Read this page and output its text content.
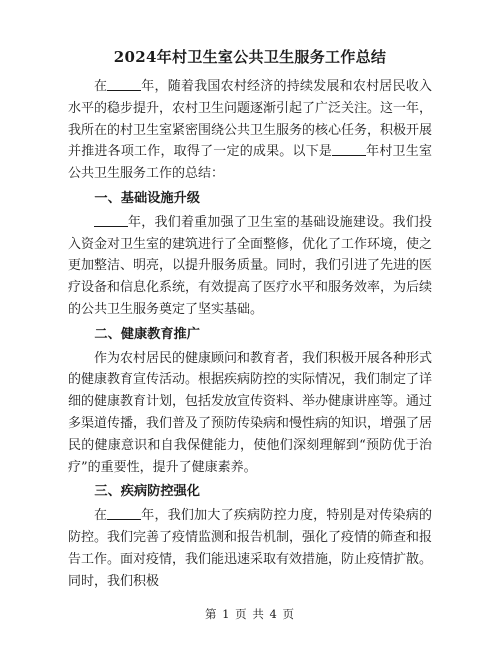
2024年村卫生室公共卫生服务工作总结

在	年，随着我国农村经济的持续发展和农村居民收入水平的稳步提升，农村卫生问题逐渐引起了广泛关注。这一年，我所在的村卫生室紧密围绕公共卫生服务的核心任务，积极开展并推进各项工作，取得了一定的成果。以下是	年村卫生室公共卫生服务工作的总结：

一、基础设施升级

年，我们着重加强了卫生室的基础设施建设。我们投入资金对卫生室的建筑进行了全面整修，优化了工作环境，使之更加整洁、明亮，以提升服务质量。同时，我们引进了先进的医疗设备和信息化系统，有效提高了医疗水平和服务效率，为后续的公共卫生服务奠定了坚实基础。

二、健康教育推广

作为农村居民的健康顾问和教育者，我们积极开展各种形式的健康教育宣传活动。根据疾病防控的实际情况，我们制定了详细的健康教育计划，包括发放宣传资料、举办健康讲座等。通过多渠道传播，我们普及了预防传染病和慢性病的知识，增强了居民的健康意识和自我保健能力，使他们深刻理解到“预防优于治疗”的重要性，提升了健康素养。

三、疾病防控强化

在	年，我们加大了疾病防控力度，特别是对传染病的防控。我们完善了疫情监测和报告机制，强化了疫情的筛查和报告工作。面对疫情，我们能迅速采取有效措施，防止疫情扩散。同时，我们积极

第 1 页 共 4 页
